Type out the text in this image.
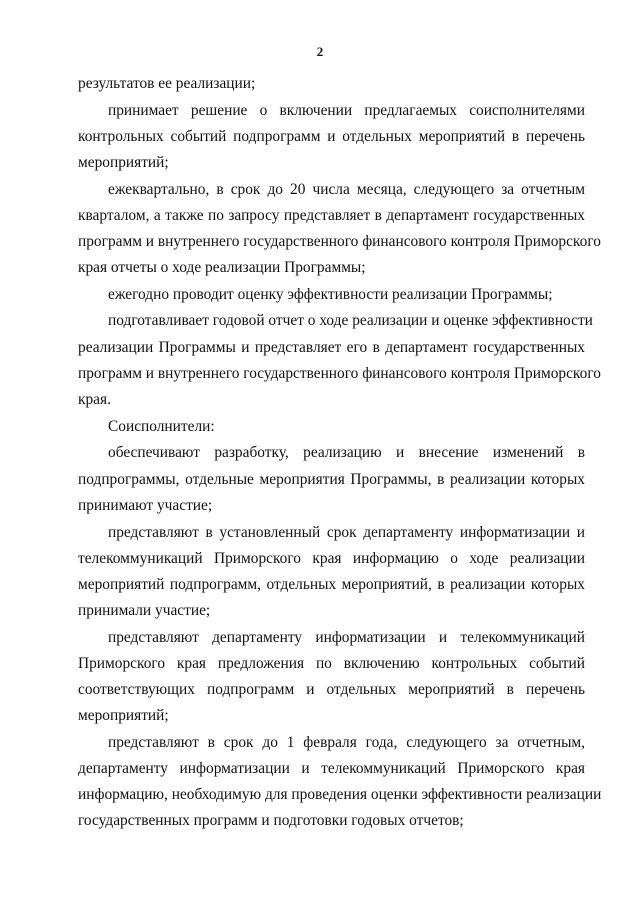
2
результатов ее реализации;
принимает решение о включении предлагаемых соисполнителями
контрольных событий подпрограмм и отдельных мероприятий в перечень
мероприятий;
ежеквартально, в срок до 20 числа месяца, следующего за отчетным
кварталом, а также по запросу представляет в департамент государственных
программ и внутреннего государственного финансового контроля Приморского
края отчеты о ходе реализации Программы;
ежегодно проводит оценку эффективности реализации Программы;
подготавливает годовой отчет о ходе реализации и оценке эффективности
реализации Программы и представляет его в департамент государственных
программ и внутреннего государственного финансового контроля Приморского
края.
Соисполнители:
обеспечивают разработку, реализацию и внесение изменений в
подпрограммы, отдельные мероприятия Программы, в реализации которых
принимают участие;
представляют в установленный срок департаменту информатизации и
телекоммуникаций Приморского края информацию о ходе реализации
мероприятий подпрограмм, отдельных мероприятий, в реализации которых
принимали участие;
представляют департаменту информатизации и телекоммуникаций
Приморского края предложения по включению контрольных событий
соответствующих подпрограмм и отдельных мероприятий в перечень
мероприятий;
представляют в срок до 1 февраля года, следующего за отчетным,
департаменту информатизации и телекоммуникаций Приморского края
информацию, необходимую для проведения оценки эффективности реализации
государственных программ и подготовки годовых отчетов;
